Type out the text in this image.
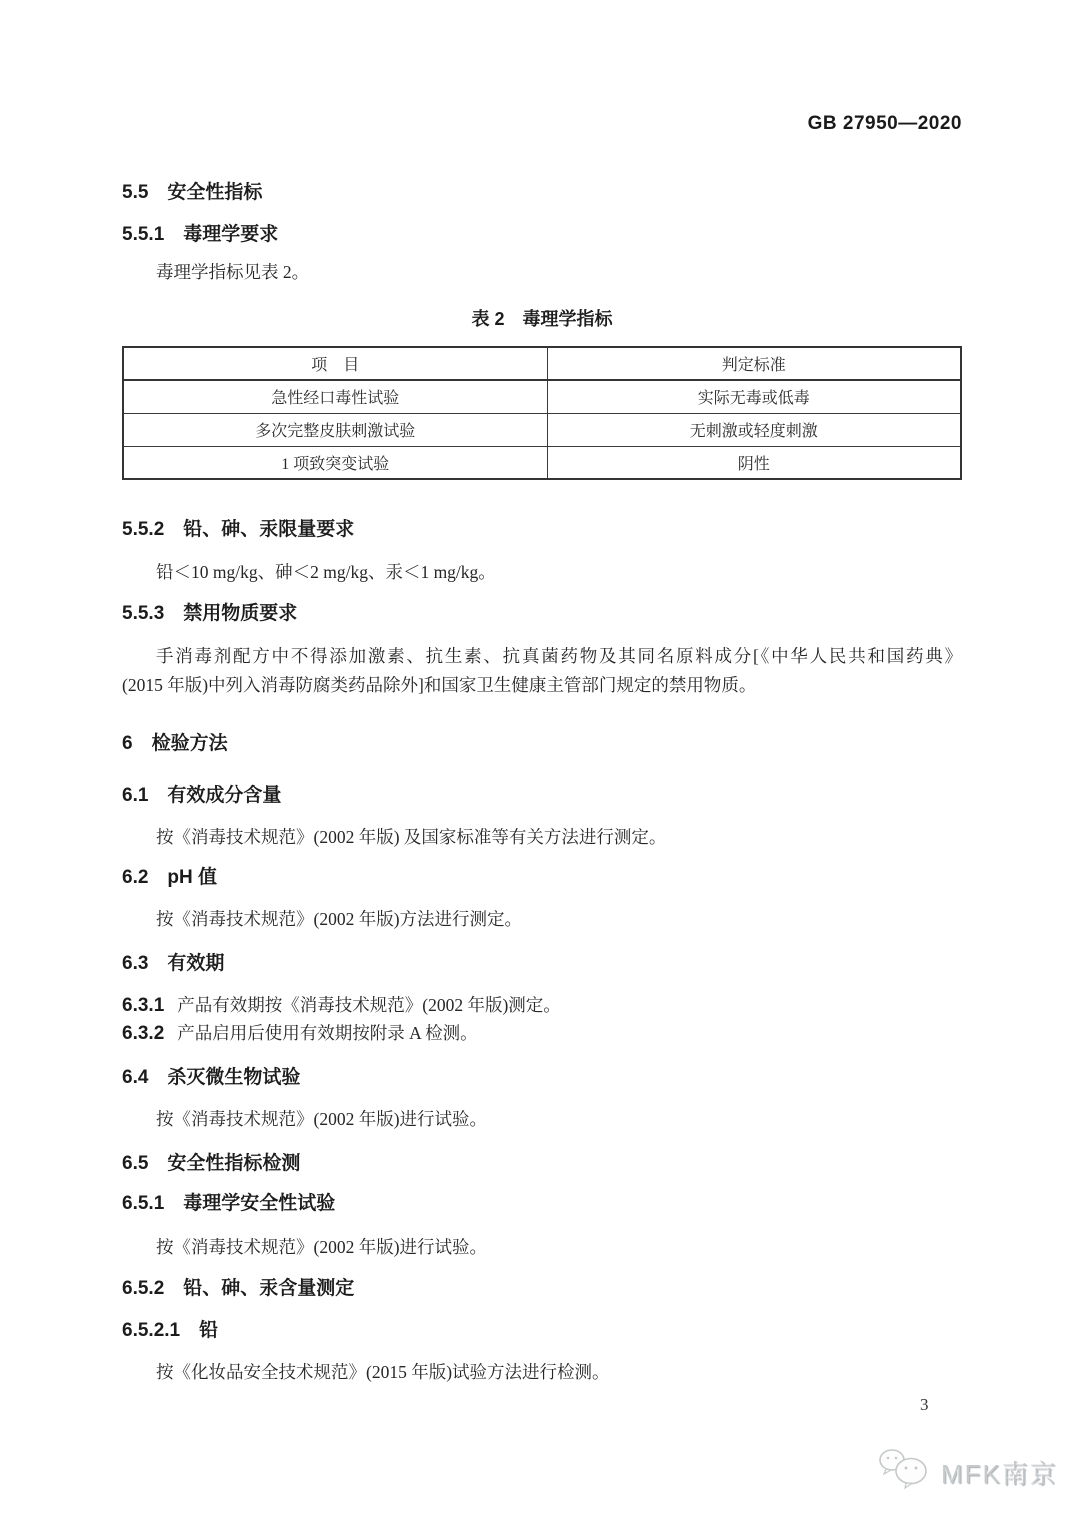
GB 27950—2020
5.5 安全性指标
5.5.1 毒理学要求
毒理学指标见表 2。
表 2　毒理学指标
项　目	判定标准
急性经口毒性试验	实际无毒或低毒
多次完整皮肤刺激试验	无刺激或轻度刺激
1 项致突变试验	阴性
5.5.2 铅、砷、汞限量要求
铅＜10 mg/kg、砷＜2 mg/kg、汞＜1 mg/kg。
5.5.3 禁用物质要求
手消毒剂配方中不得添加激素、抗生素、抗真菌药物及其同名原料成分[《中华人民共和国药典》
(2015 年版)中列入消毒防腐类药品除外]和国家卫生健康主管部门规定的禁用物质。
6 检验方法
6.1 有效成分含量
按《消毒技术规范》(2002 年版) 及国家标准等有关方法进行测定。
6.2 pH 值
按《消毒技术规范》(2002 年版)方法进行测定。
6.3 有效期
6.3.1 产品有效期按《消毒技术规范》(2002 年版)测定。
6.3.2 产品启用后使用有效期按附录 A 检测。
6.4 杀灭微生物试验
按《消毒技术规范》(2002 年版)进行试验。
6.5 安全性指标检测
6.5.1 毒理学安全性试验
按《消毒技术规范》(2002 年版)进行试验。
6.5.2 铅、砷、汞含量测定
6.5.2.1 铅
按《化妆品安全技术规范》(2015 年版)试验方法进行检测。
3
MFK南京
